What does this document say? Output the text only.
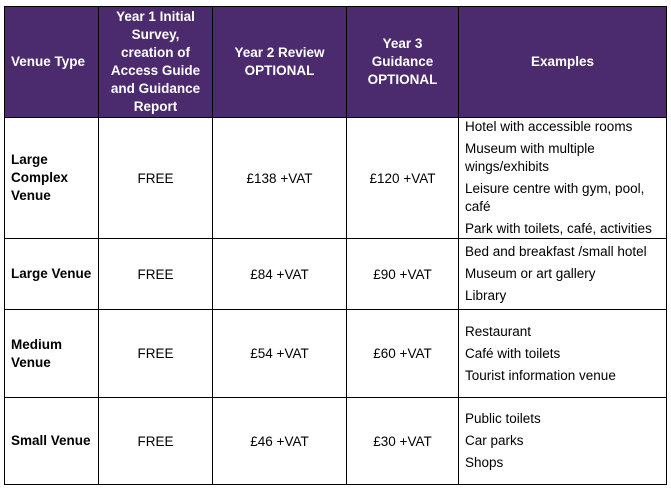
Venue Type	Year 1 Initial Survey, creation of Access Guide and Guidance Report	Year 2 Review OPTIONAL	Year 3 Guidance OPTIONAL	Examples
Large Complex Venue	FREE	£138 +VAT	£120 +VAT	Hotel with accessible rooms
Museum with multiple wings/exhibits
Leisure centre with gym, pool, café
Park with toilets, café, activities

Large Venue	FREE	£84 +VAT	£90 +VAT	Bed and breakfast /small hotel
Museum or art gallery
Library

Medium Venue	FREE	£54 +VAT	£60 +VAT	Restaurant
Café with toilets
Tourist information venue

Small Venue	FREE	£46 +VAT	£30 +VAT	Public toilets
Car parks
Shops
